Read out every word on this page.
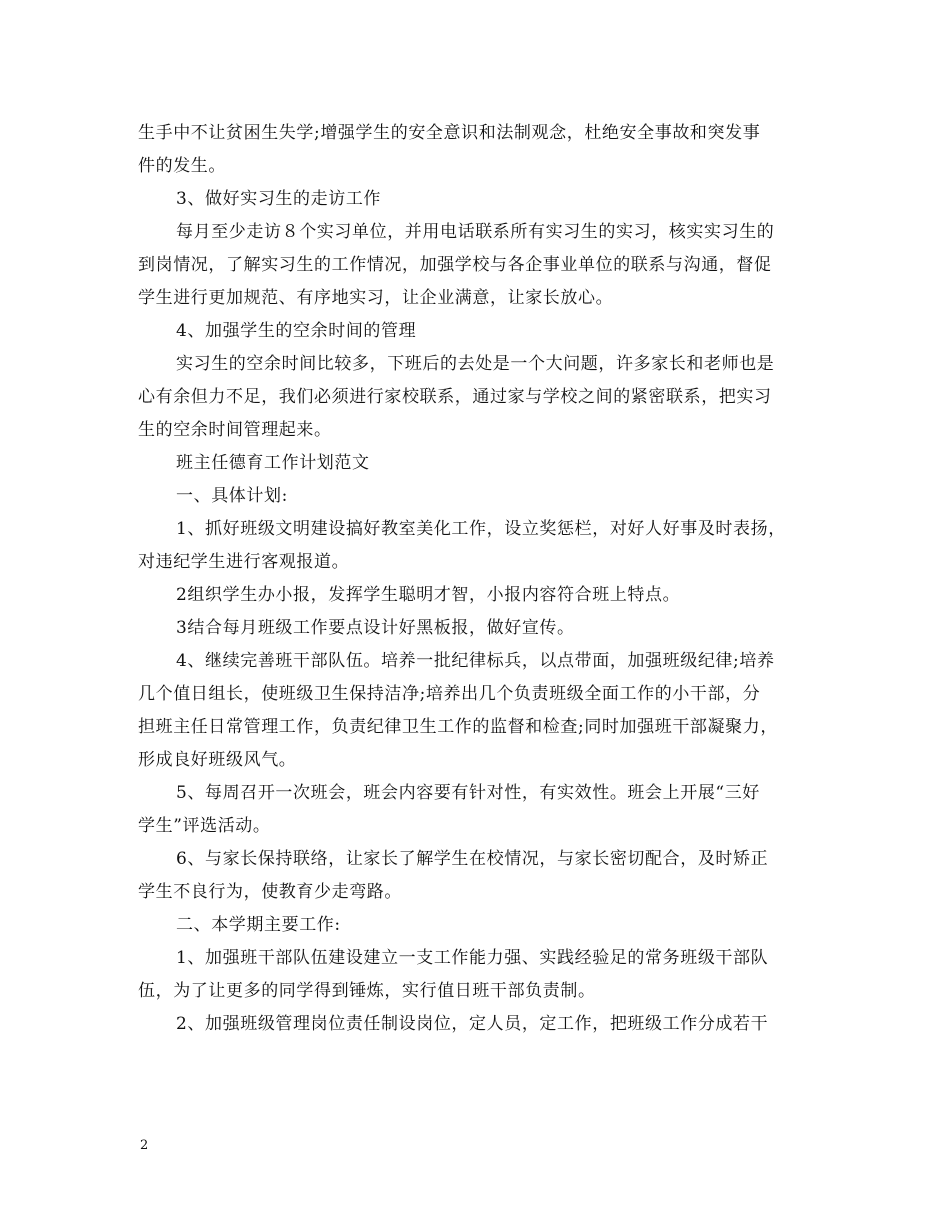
生手中不让贫困生失学;增强学生的安全意识和法制观念，杜绝安全事故和突发事
件的发生。
3、做好实习生的走访工作
每月至少走访８个实习单位，并用电话联系所有实习生的实习，核实实习生的
到岗情况，了解实习生的工作情况，加强学校与各企事业单位的联系与沟通，督促
学生进行更加规范、有序地实习，让企业满意，让家长放心。
4、加强学生的空余时间的管理
实习生的空余时间比较多，下班后的去处是一个大问题，许多家长和老师也是
心有余但力不足，我们必须进行家校联系，通过家与学校之间的紧密联系，把实习
生的空余时间管理起来。
班主任德育工作计划范文
一、具体计划:
1、抓好班级文明建设搞好教室美化工作，设立奖惩栏，对好人好事及时表扬，
对违纪学生进行客观报道。
2组织学生办小报，发挥学生聪明才智，小报内容符合班上特点。
3结合每月班级工作要点设计好黑板报，做好宣传。
4、继续完善班干部队伍。培养一批纪律标兵，以点带面，加强班级纪律;培养
几个值日组长，使班级卫生保持洁净;培养出几个负责班级全面工作的小干部，分
担班主任日常管理工作，负责纪律卫生工作的监督和检查;同时加强班干部凝聚力，
形成良好班级风气。
5、每周召开一次班会，班会内容要有针对性，有实效性。班会上开展“三好
学生”评选活动。
6、与家长保持联络，让家长了解学生在校情况，与家长密切配合，及时矫正
学生不良行为，使教育少走弯路。
二、本学期主要工作:
1、加强班干部队伍建设建立一支工作能力强、实践经验足的常务班级干部队
伍，为了让更多的同学得到锤炼，实行值日班干部负责制。
2、加强班级管理岗位责任制设岗位，定人员，定工作，把班级工作分成若干
2
